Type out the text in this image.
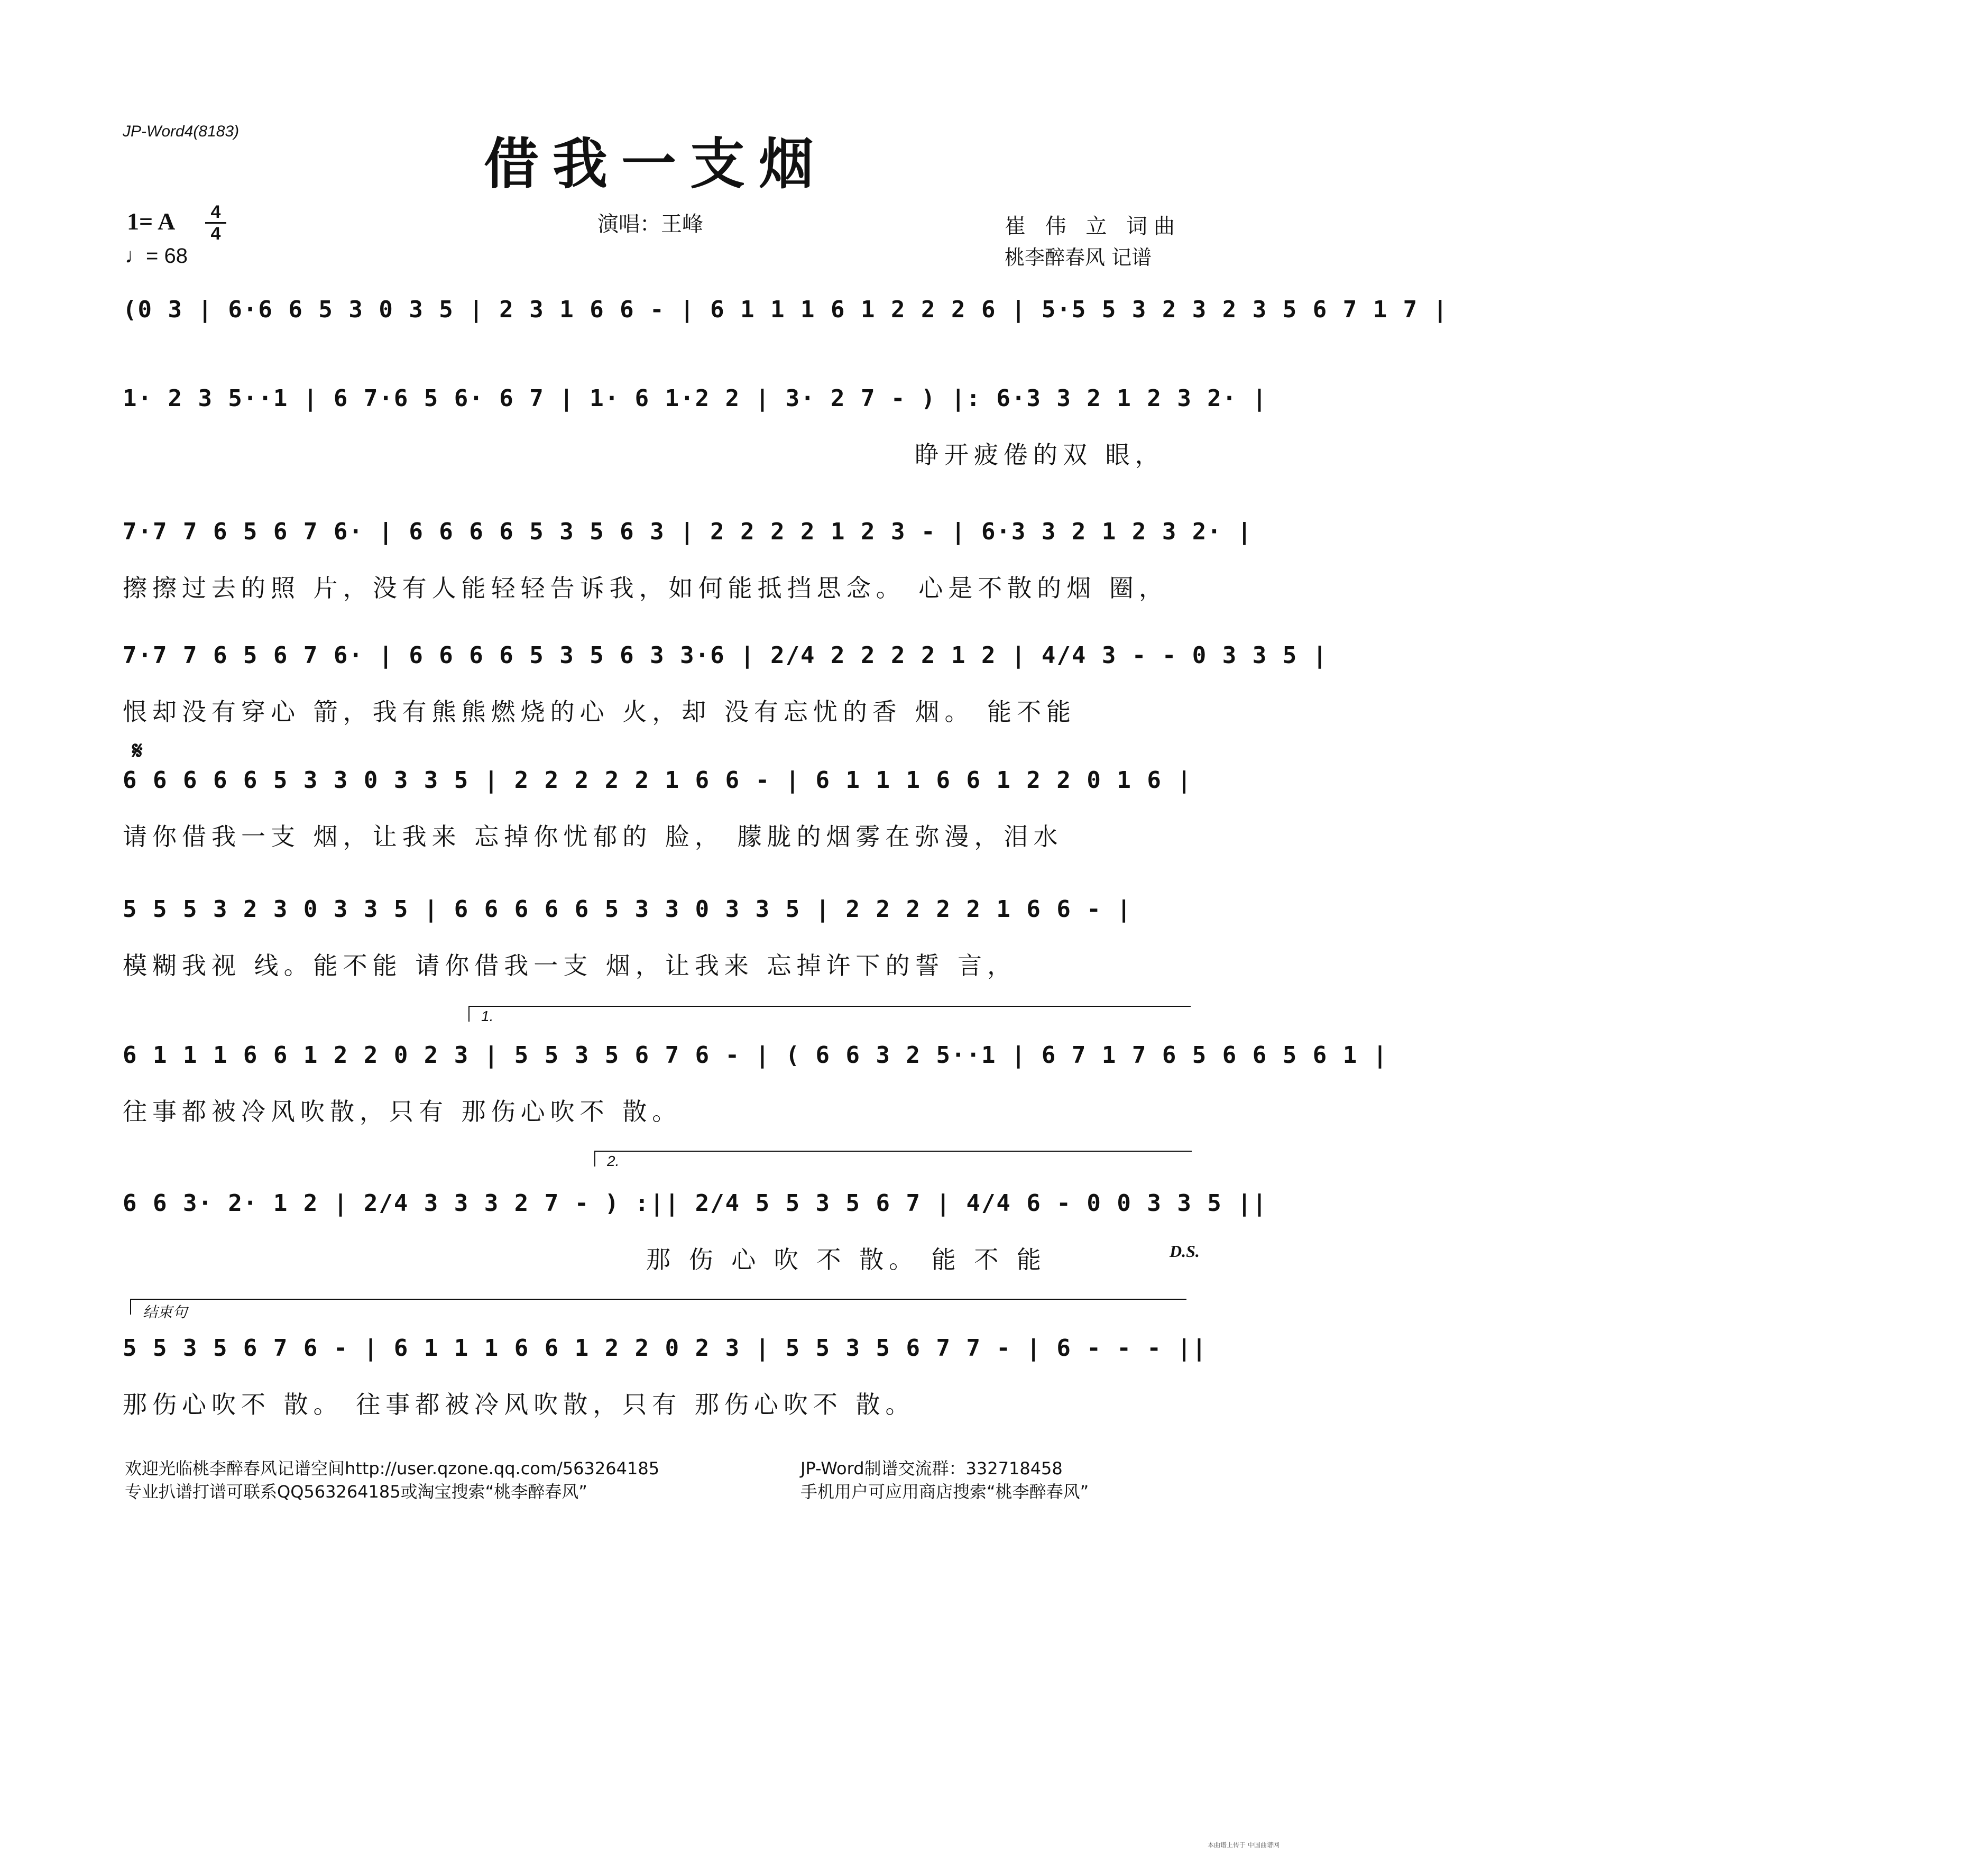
JP-Word4(8183)	借我一支烟
1= A	4
4
♩= 68
演唱：王峰	崔 伟 立 词曲
桃李醉春风 记谱
𝄋
D.S.
1.
2.
结束句
(0 3 | 6·6 6 5 3 0 3 5 | 2 3 1 6 6 - | 6 1 1 1 6 1 2 2 2 6 | 5·5 5 3 2 3 2 3 5 6 7 1 7 |
1· 2 3 5··1 | 6 7·6 5 6· 6 7 | 1· 6 1·2 2 | 3· 2 7 - ) |: 6·3 3 2 1 2 3 2· |
睁开疲倦的双 眼，
7·7 7 6 5 6 7 6· | 6 6 6 6 5 3 5 6 3 | 2 2 2 2 1 2 3 - | 6·3 3 2 1 2 3 2· |
擦擦过去的照 片，没有人能轻轻告诉我，如何能抵挡思念。 心是不散的烟 圈，
7·7 7 6 5 6 7 6· | 6 6 6 6 5 3 5 6 3 3·6 | 2/4 2 2 2 2 1 2 | 4/4 3 - - 0 3 3 5 |
恨却没有穿心 箭，我有熊熊燃烧的心 火，却 没有忘忧的香 烟。 能不能
6 6 6 6 6 5 3 3 0 3 3 5 | 2 2 2 2 2 1 6 6 - | 6 1 1 1 6 6 1 2 2 0 1 6 |
请你借我一支 烟，让我来 忘掉你忧郁的 脸， 朦胧的烟雾在弥漫，泪水
5 5 5 3 2 3 0 3 3 5 | 6 6 6 6 6 5 3 3 0 3 3 5 | 2 2 2 2 2 1 6 6 - |
模糊我视 线。能不能 请你借我一支 烟，让我来 忘掉许下的誓 言，
6 1 1 1 6 6 1 2 2 0 2 3 | 5 5 3 5 6 7 6 - | ( 6 6 3 2 5··1 | 6 7 1 7 6 5 6 6 5 6 1 |
往事都被冷风吹散，只有 那伤心吹不 散。
6 6 3· 2· 1 2 | 2/4 3 3 3 2 7 - ) :|| 2/4 5 5 3 5 6 7 | 4/4 6 - 0 0 3 3 5 ||
那 伤 心 吹 不 散。 能 不 能
5 5 3 5 6 7 6 - | 6 1 1 1 6 6 1 2 2 0 2 3 | 5 5 3 5 6 7 7 - | 6 - - - ||
那伤心吹不 散。 往事都被冷风吹散，只有 那伤心吹不 散。
欢迎光临桃李醉春风记谱空间http://user.qzone.qq.com/563264185	JP-Word制谱交流群：332718458
专业扒谱打谱可联系QQ563264185或淘宝搜索“桃李醉春风”	手机用户可应用商店搜索“桃李醉春风”
本曲谱上传于 中国曲谱网
